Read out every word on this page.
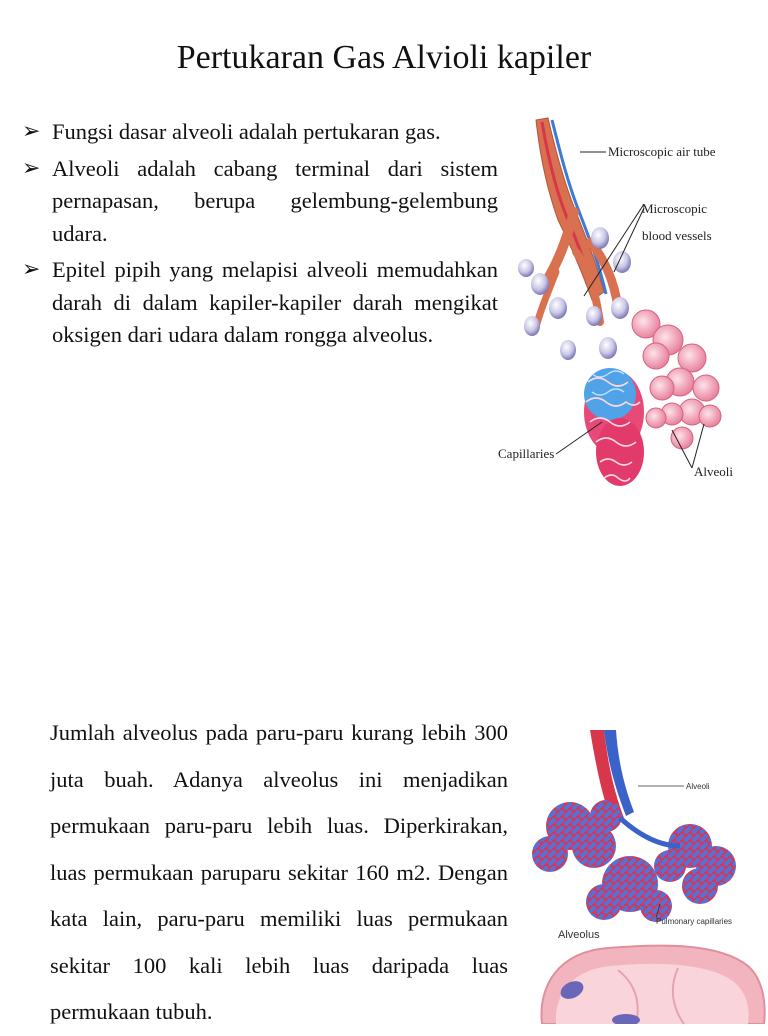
Pertukaran Gas Alvioli kapiler
➢ Fungsi dasar alveoli adalah pertukaran gas.
➢ Alveoli adalah cabang terminal dari sistem pernapasan, berupa gelembung-gelembung udara.
➢ Epitel pipih yang melapisi alveoli memudahkan darah di dalam kapiler-kapiler darah mengikat oksigen dari udara dalam rongga alveolus.
Microscopic air tube
Microscopic
blood vessels
Capillaries
Alveoli
Jumlah alveolus pada paru-paru kurang lebih 300 juta buah. Adanya alveolus ini menjadikan permukaan paru-paru lebih luas. Diperkirakan, luas permukaan paruparu sekitar 160 m2. Dengan kata lain, paru-paru memiliki luas permukaan sekitar 100 kali lebih luas daripada luas permukaan tubuh.
Alveoli
Pulmonary capillaries
Alveolus
